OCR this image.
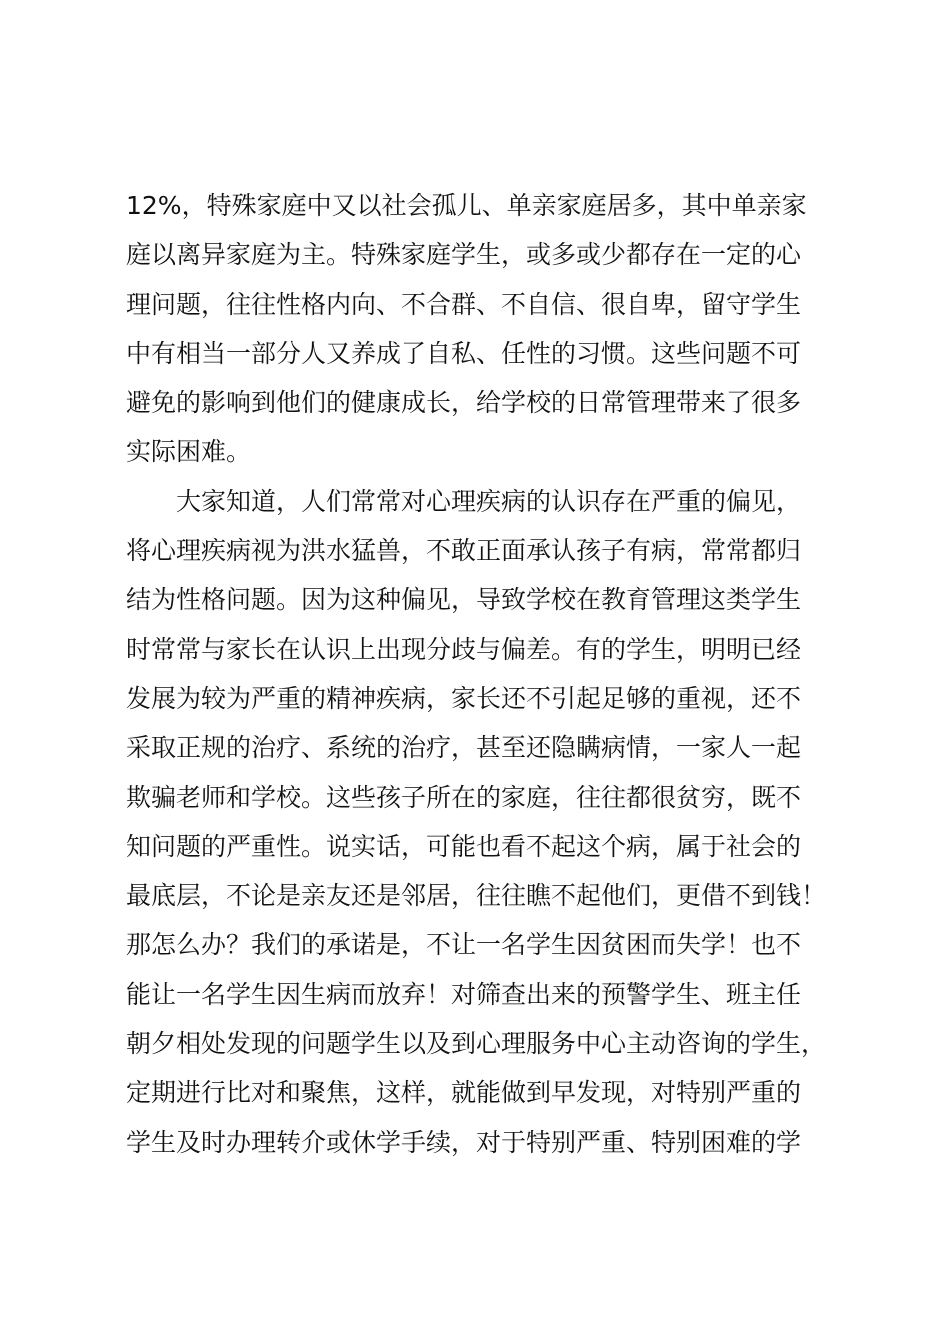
12%，特殊家庭中又以社会孤儿、单亲家庭居多，其中单亲家
庭以离异家庭为主。特殊家庭学生，或多或少都存在一定的心
理问题，往往性格内向、不合群、不自信、很自卑，留守学生
中有相当一部分人又养成了自私、任性的习惯。这些问题不可
避免的影响到他们的健康成长，给学校的日常管理带来了很多
实际困难。
　　大家知道，人们常常对心理疾病的认识存在严重的偏见，
将心理疾病视为洪水猛兽，不敢正面承认孩子有病，常常都归
结为性格问题。因为这种偏见，导致学校在教育管理这类学生
时常常与家长在认识上出现分歧与偏差。有的学生，明明已经
发展为较为严重的精神疾病，家长还不引起足够的重视，还不
采取正规的治疗、系统的治疗，甚至还隐瞒病情，一家人一起
欺骗老师和学校。这些孩子所在的家庭，往往都很贫穷，既不
知问题的严重性。说实话，可能也看不起这个病，属于社会的
最底层，不论是亲友还是邻居，往往瞧不起他们，更借不到钱！
那怎么办？我们的承诺是，不让一名学生因贫困而失学！也不
能让一名学生因生病而放弃！对筛查出来的预警学生、班主任
朝夕相处发现的问题学生以及到心理服务中心主动咨询的学生，
定期进行比对和聚焦，这样，就能做到早发现，对特别严重的
学生及时办理转介或休学手续，对于特别严重、特别困难的学
